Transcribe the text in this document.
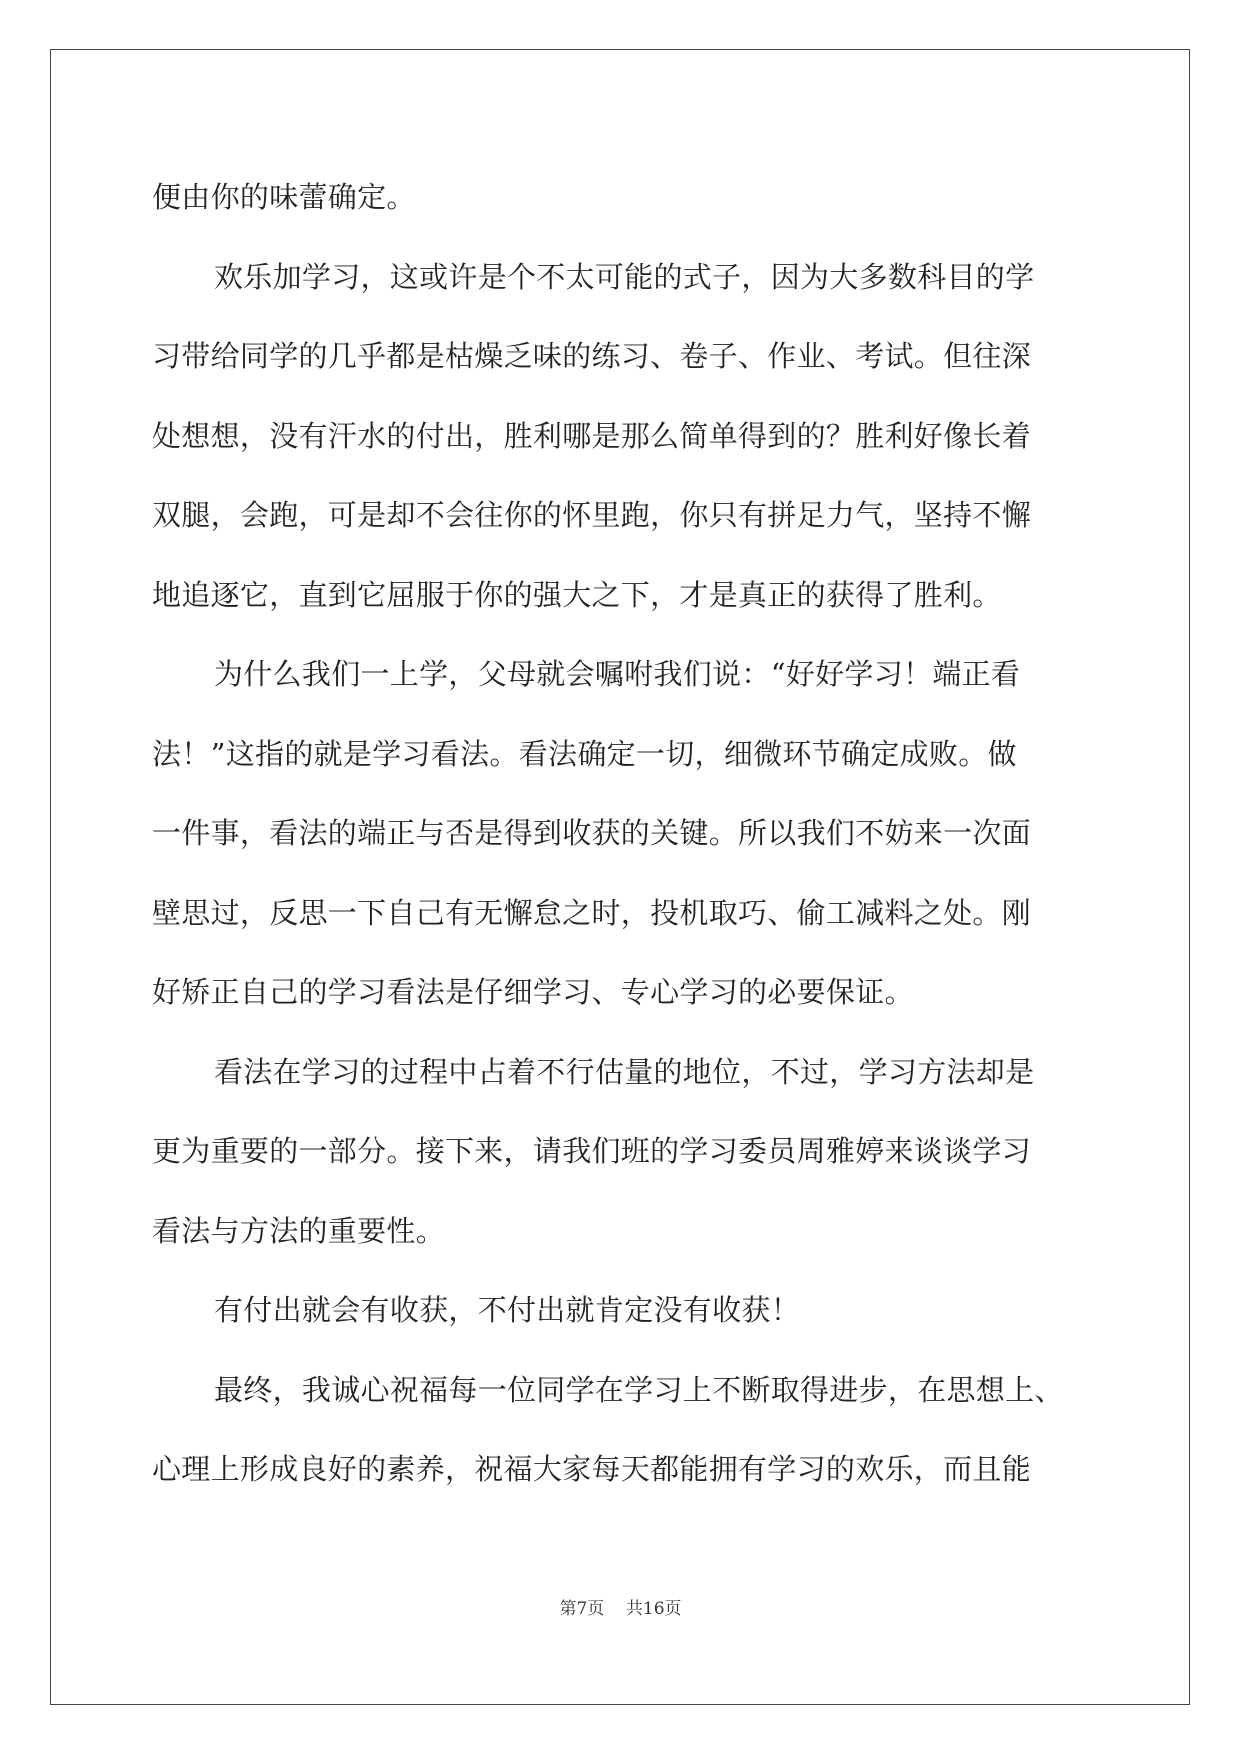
便由你的味蕾确定。
欢乐加学习，这或许是个不太可能的式子，因为大多数科目的学
习带给同学的几乎都是枯燥乏味的练习、卷子、作业、考试。但往深
处想想，没有汗水的付出，胜利哪是那么简单得到的？胜利好像长着
双腿，会跑，可是却不会往你的怀里跑，你只有拼足力气，坚持不懈
地追逐它，直到它屈服于你的强大之下，才是真正的获得了胜利。
为什么我们一上学，父母就会嘱咐我们说：“好好学习！端正看
法！”这指的就是学习看法。看法确定一切，细微环节确定成败。做
一件事，看法的端正与否是得到收获的关键。所以我们不妨来一次面
壁思过，反思一下自己有无懈怠之时，投机取巧、偷工减料之处。刚
好矫正自己的学习看法是仔细学习、专心学习的必要保证。
看法在学习的过程中占着不行估量的地位，不过，学习方法却是
更为重要的一部分。接下来，请我们班的学习委员周雅婷来谈谈学习
看法与方法的重要性。
有付出就会有收获，不付出就肯定没有收获！
最终，我诚心祝福每一位同学在学习上不断取得进步，在思想上、
心理上形成良好的素养，祝福大家每天都能拥有学习的欢乐，而且能
第7页 共16页
